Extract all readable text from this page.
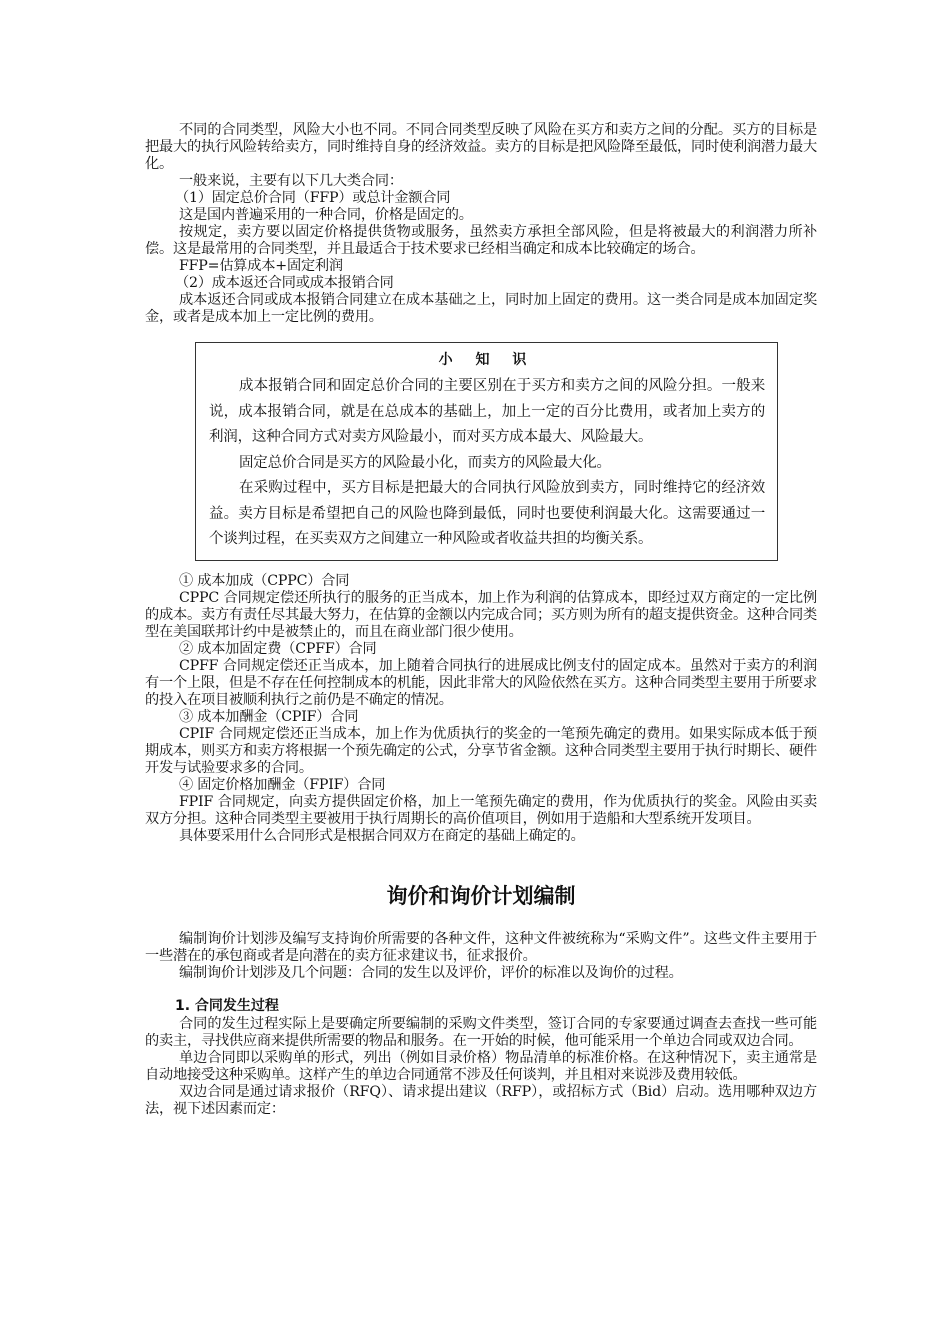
不同的合同类型，风险大小也不同。不同合同类型反映了风险在买方和卖方之间的分配。买方的目标是把最大的执行风险转给卖方，同时维持自身的经济效益。卖方的目标是把风险降至最低，同时使利润潜力最大化。

一般来说，主要有以下几大类合同：

（1）固定总价合同（FFP）或总计金额合同

这是国内普遍采用的一种合同，价格是固定的。

按规定，卖方要以固定价格提供货物或服务，虽然卖方承担全部风险，但是将被最大的利润潜力所补偿。这是最常用的合同类型，并且最适合于技术要求已经相当确定和成本比较确定的场合。

FFP=估算成本+固定利润

（2）成本返还合同或成本报销合同

成本返还合同或成本报销合同建立在成本基础之上，同时加上固定的费用。这一类合同是成本加固定奖金，或者是成本加上一定比例的费用。

小 知 识

成本报销合同和固定总价合同的主要区别在于买方和卖方之间的风险分担。一般来说，成本报销合同，就是在总成本的基础上，加上一定的百分比费用，或者加上卖方的利润，这种合同方式对卖方风险最小，而对买方成本最大、风险最大。

固定总价合同是买方的风险最小化，而卖方的风险最大化。

在采购过程中，买方目标是把最大的合同执行风险放到卖方，同时维持它的经济效益。卖方目标是希望把自己的风险也降到最低，同时也要使利润最大化。这需要通过一个谈判过程，在买卖双方之间建立一种风险或者收益共担的均衡关系。

① 成本加成（CPPC）合同

CPPC 合同规定偿还所执行的服务的正当成本，加上作为利润的估算成本，即经过双方商定的一定比例的成本。卖方有责任尽其最大努力，在估算的金额以内完成合同；买方则为所有的超支提供资金。这种合同类型在美国联邦计约中是被禁止的，而且在商业部门很少使用。

② 成本加固定费（CPFF）合同

CPFF 合同规定偿还正当成本，加上随着合同执行的进展成比例支付的固定成本。虽然对于卖方的利润有一个上限，但是不存在任何控制成本的机能，因此非常大的风险依然在买方。这种合同类型主要用于所要求的投入在项目被顺利执行之前仍是不确定的情况。

③ 成本加酬金（CPIF）合同

CPIF 合同规定偿还正当成本，加上作为优质执行的奖金的一笔预先确定的费用。如果实际成本低于预期成本，则买方和卖方将根据一个预先确定的公式，分享节省金额。这种合同类型主要用于执行时期长、硬件开发与试验要求多的合同。

④ 固定价格加酬金（FPIF）合同

FPIF 合同规定，向卖方提供固定价格，加上一笔预先确定的费用，作为优质执行的奖金。风险由买卖双方分担。这种合同类型主要被用于执行周期长的高价值项目，例如用于造船和大型系统开发项目。

具体要采用什么合同形式是根据合同双方在商定的基础上确定的。

询价和询价计划编制

编制询价计划涉及编写支持询价所需要的各种文件，这种文件被统称为“采购文件”。这些文件主要用于一些潜在的承包商或者是向潜在的卖方征求建议书，征求报价。

编制询价计划涉及几个问题：合同的发生以及评价，评价的标准以及询价的过程。

1. 合同发生过程

合同的发生过程实际上是要确定所要编制的采购文件类型，签订合同的专家要通过调查去查找一些可能的卖主，寻找供应商来提供所需要的物品和服务。在一开始的时候，他可能采用一个单边合同或双边合同。

单边合同即以采购单的形式，列出（例如目录价格）物品清单的标准价格。在这种情况下，卖主通常是自动地接受这种采购单。这样产生的单边合同通常不涉及任何谈判，并且相对来说涉及费用较低。

双边合同是通过请求报价（RFQ）、请求提出建议（RFP），或招标方式（Bid）启动。选用哪种双边方法，视下述因素而定：
